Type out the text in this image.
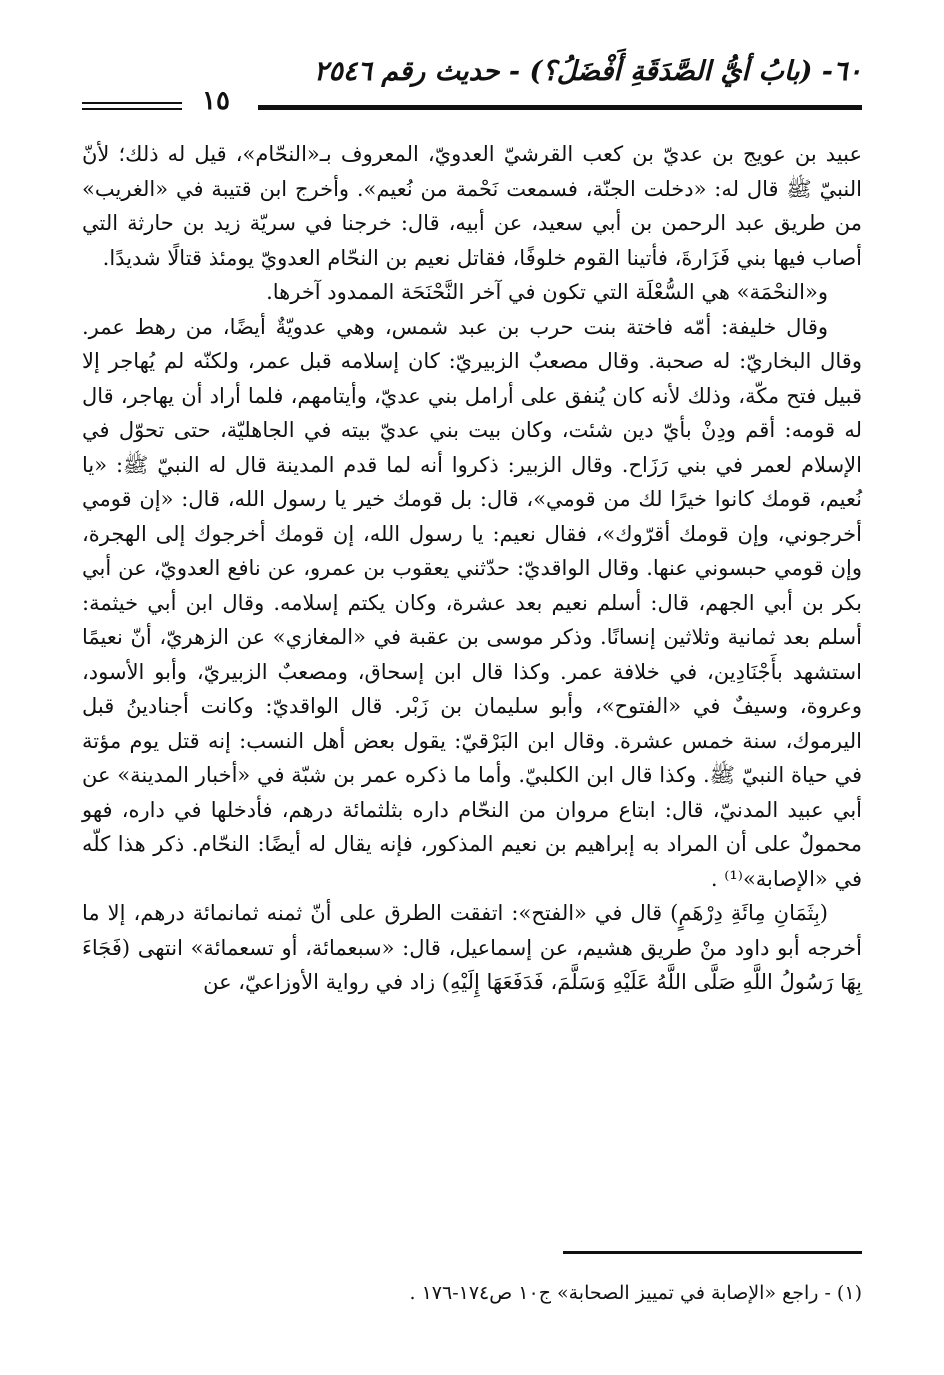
٦٠- (بابُ أيُّ الصَّدَقَةِ أَفْضَلُ؟) - حديث رقم ٢٥٤٦
١٥

عبيد بن عويج بن عديّ بن كعب القرشيّ العدويّ، المعروف بـ«النحّام»، قيل له ذلك؛ لأنّ النبيّ ﷺ قال له: «دخلت الجنّة، فسمعت نَحْمة من نُعيم». وأخرج ابن قتيبة في «الغريب» من طريق عبد الرحمن بن أبي سعيد، عن أبيه، قال: خرجنا في سريّة زيد بن حارثة التي أصاب فيها بني فَزَارةَ، فأتينا القوم خلوفًا، فقاتل نعيم بن النحّام العدويّ يومئذ قتالًا شديدًا.

و«النحْمَة» هي السُّعْلَة التي تكون في آخر النَّحْنَحَة الممدود آخرها.

وقال خليفة: أمّه فاختة بنت حرب بن عبد شمس، وهي عدويّةٌ أيضًا، من رهط عمر. وقال البخاريّ: له صحبة. وقال مصعبٌ الزبيريّ: كان إسلامه قبل عمر، ولكنّه لم يُهاجر إلا قبيل فتح مكّة، وذلك لأنه كان يُنفق على أرامل بني عديّ، وأيتامهم، فلما أراد أن يهاجر، قال له قومه: أقم ودِنْ بأيّ دين شئت، وكان بيت بني عديّ بيته في الجاهليّة، حتى تحوّل في الإسلام لعمر في بني رَزَاح. وقال الزبير: ذكروا أنه لما قدم المدينة قال له النبيّ ﷺ: «يا نُعيم، قومك كانوا خيرًا لك من قومي»، قال: بل قومك خير يا رسول الله، قال: «إن قومي أخرجوني، وإن قومك أقرّوك»، فقال نعيم: يا رسول الله، إن قومك أخرجوك إلى الهجرة، وإن قومي حبسوني عنها. وقال الواقديّ: حدّثني يعقوب بن عمرو، عن نافع العدويّ، عن أبي بكر بن أبي الجهم، قال: أسلم نعيم بعد عشرة، وكان يكتم إسلامه. وقال ابن أبي خيثمة: أسلم بعد ثمانية وثلاثين إنسانًا. وذكر موسى بن عقبة في «المغازي» عن الزهريّ، أنّ نعيمًا استشهد بأَجْنَادِين، في خلافة عمر. وكذا قال ابن إسحاق، ومصعبٌ الزبيريّ، وأبو الأسود، وعروة، وسيفٌ في «الفتوح»، وأبو سليمان بن زَبْر. قال الواقديّ: وكانت أجنادينُ قبل اليرموك، سنة خمس عشرة. وقال ابن البَرْقيّ: يقول بعض أهل النسب: إنه قتل يوم مؤتة في حياة النبيّ ﷺ. وكذا قال ابن الكلبيّ. وأما ما ذكره عمر بن شبّة في «أخبار المدينة» عن أبي عبيد المدنيّ، قال: ابتاع مروان من النحّام داره بثلثمائة درهم، فأدخلها في داره، فهو محمولٌ على أن المراد به إبراهيم بن نعيم المذكور، فإنه يقال له أيضًا: النحّام. ذكر هذا كلّه في «الإصابة»⁽¹⁾ .

(بِثَمَانِ مِائَةِ دِرْهَمٍ) قال في «الفتح»: اتفقت الطرق على أنّ ثمنه ثمانمائة درهم، إلا ما أخرجه أبو داود منْ طريق هشيم، عن إسماعيل، قال: «سبعمائة، أو تسعمائة» انتهى (فَجَاءَ بِهَا رَسُولُ اللَّهِ صَلَّى اللَّهُ عَلَيْهِ وَسَلَّمَ، فَدَفَعَهَا إِلَيْهِ) زاد في رواية الأوزاعيّ، عن

(١) - راجع «الإصابة في تمييز الصحابة» ج١٠ ص١٧٤-١٧٦ .
